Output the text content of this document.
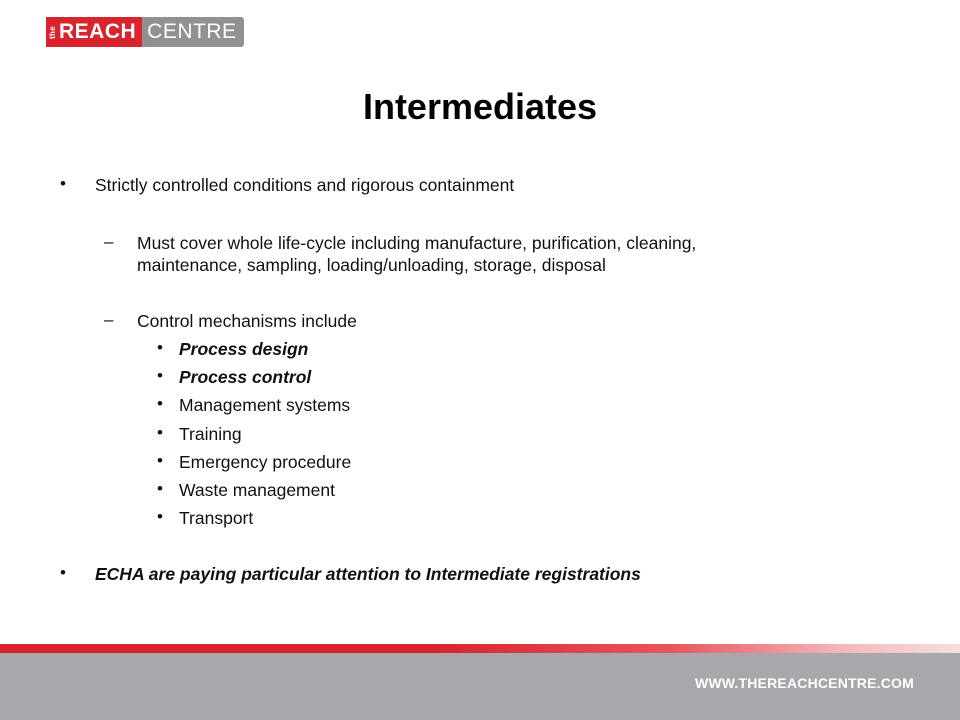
the REACH CENTRE
Intermediates
• Strictly controlled conditions and rigorous containment
– Must cover whole life-cycle including manufacture, purification, cleaning,
maintenance, sampling, loading/unloading, storage, disposal
– Control mechanisms include
• Process design
• Process control
• Management systems
• Training
• Emergency procedure
• Waste management
• Transport
• ECHA are paying particular attention to Intermediate registrations
WWW.THEREACHCENTRE.COM
